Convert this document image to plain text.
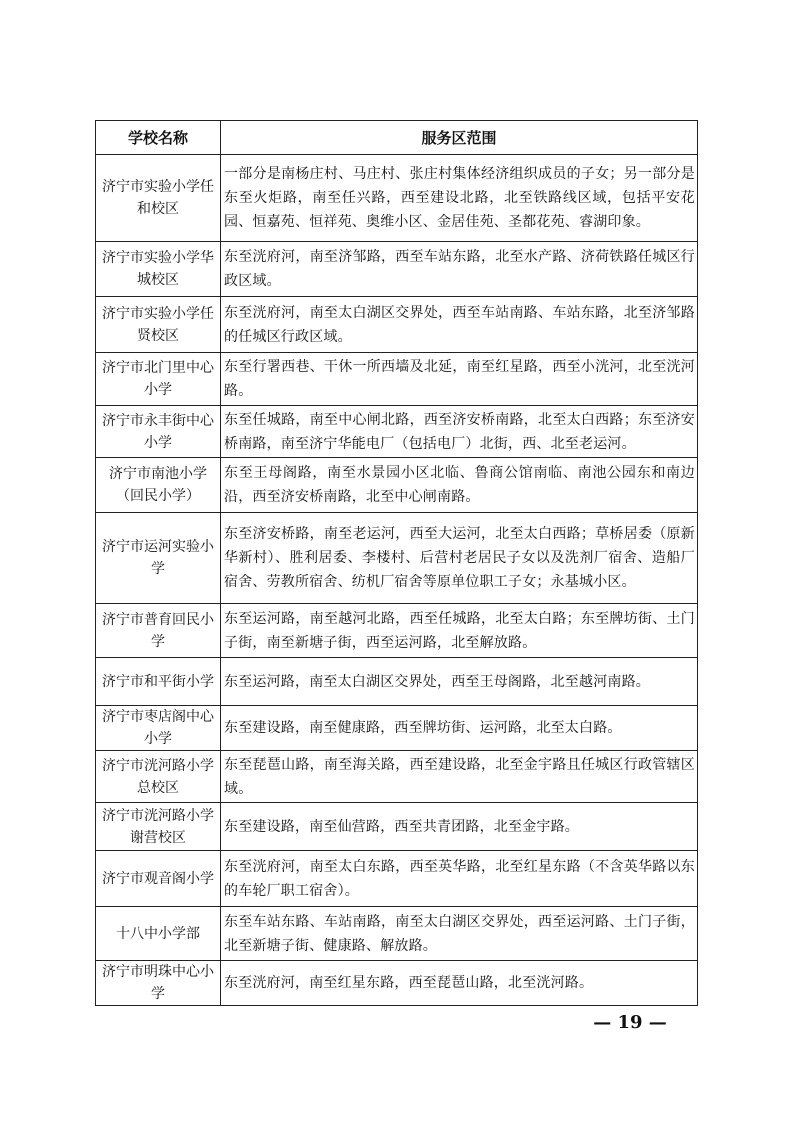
学校名称	服务区范围
济宁市实验小学任和校区	一部分是南杨庄村、马庄村、张庄村集体经济组织成员的子女；另一部分是东至火炬路，南至任兴路，西至建设北路，北至铁路线区域，包括平安花园、恒嘉苑、恒祥苑、奥维小区、金居佳苑、圣都花苑、睿湖印象。
济宁市实验小学华城校区	东至洸府河，南至济邹路，西至车站东路，北至水产路、济荷铁路任城区行政区域。
济宁市实验小学任贤校区	东至洸府河，南至太白湖区交界处，西至车站南路、车站东路，北至济邹路的任城区行政区域。
济宁市北门里中心小学	东至行署西巷、干休一所西墙及北延，南至红星路，西至小洸河，北至洸河路。
济宁市永丰街中心小学	东至任城路，南至中心闸北路，西至济安桥南路，北至太白西路；东至济安桥南路，南至济宁华能电厂（包括电厂）北街，西、北至老运河。
济宁市南池小学（回民小学）	东至王母阁路，南至水景园小区北临、鲁商公馆南临、南池公园东和南边沿，西至济安桥南路，北至中心闸南路。
济宁市运河实验小学	东至济安桥路，南至老运河，西至大运河，北至太白西路；草桥居委（原新华新村）、胜利居委、李楼村、后营村老居民子女以及洗剂厂宿舍、造船厂宿舍、劳教所宿舍、纺机厂宿舍等原单位职工子女；永基城小区。
济宁市普育回民小学	东至运河路，南至越河北路，西至任城路，北至太白路；东至牌坊街、土门子街，南至新塘子街，西至运河路，北至解放路。
济宁市和平街小学	东至运河路，南至太白湖区交界处，西至王母阁路，北至越河南路。
济宁市枣店阁中心小学	东至建设路，南至健康路，西至牌坊街、运河路，北至太白路。
济宁市洸河路小学总校区	东至琵琶山路，南至海关路，西至建设路，北至金宇路且任城区行政管辖区域。
济宁市洸河路小学谢营校区	东至建设路，南至仙营路，西至共青团路，北至金宇路。
济宁市观音阁小学	东至洸府河，南至太白东路，西至英华路，北至红星东路（不含英华路以东的车轮厂职工宿舍）。
十八中小学部	东至车站东路、车站南路，南至太白湖区交界处，西至运河路、土门子街，北至新塘子街、健康路、解放路。
济宁市明珠中心小学	东至洸府河，南至红星东路，西至琵琶山路，北至洸河路。
— 19 —
